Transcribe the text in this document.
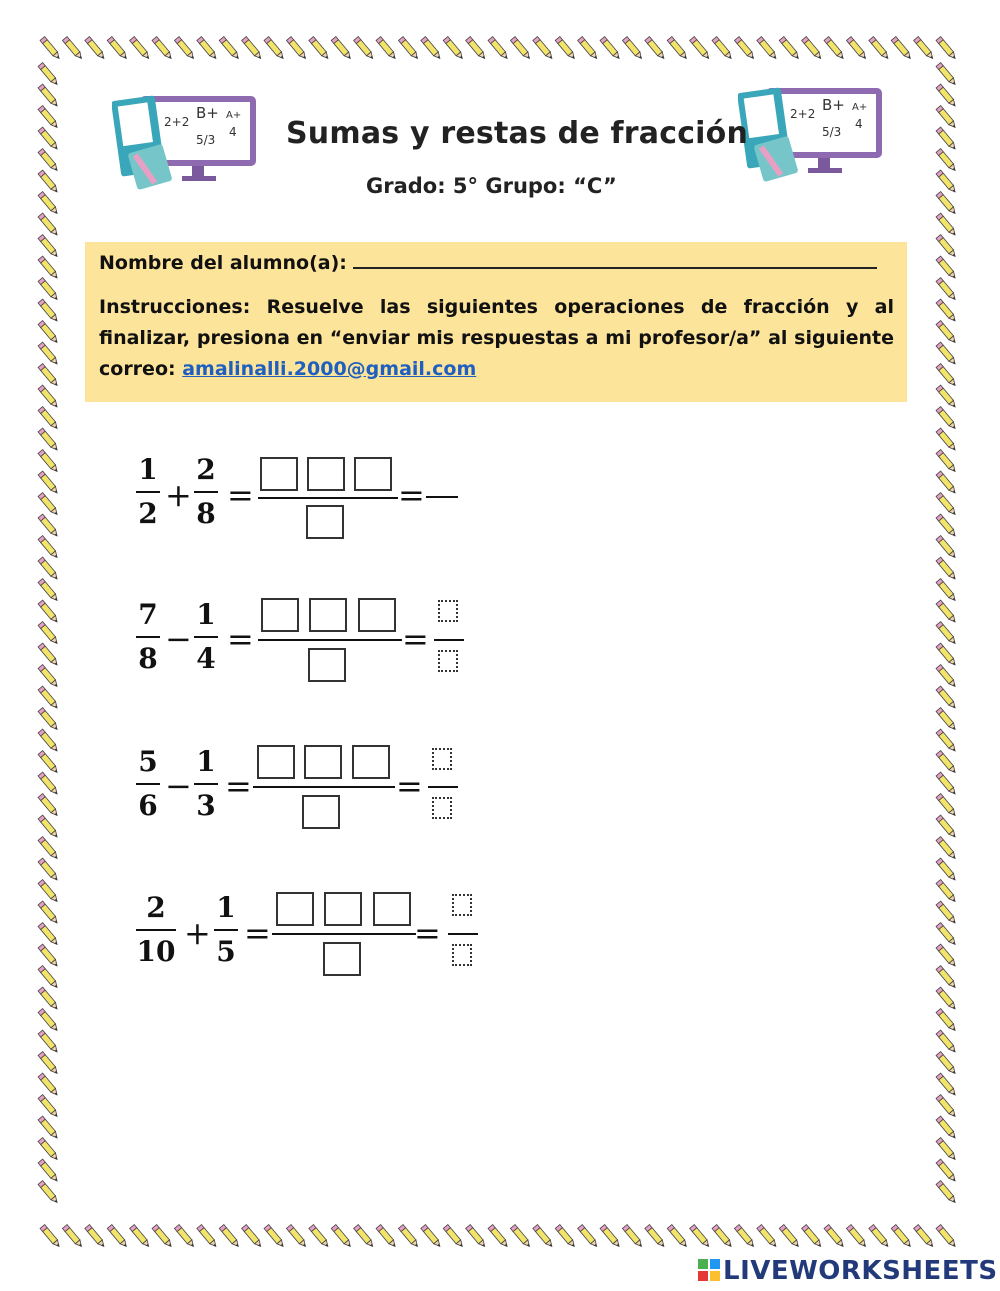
2+2 B+ A+
5/3
4
2+2 B+ A+
5/3
4
Sumas y restas de fracción
Grado: 5° Grupo: “C”
Nombre del alumno(a):
Instrucciones: Resuelve las siguientes operaciones de fracción y al finalizar, presiona en “enviar mis respuestas a mi profesor/a” al siguiente correo: amalinalli.2000@gmail.com
1
2 +
2
8 =	=
7
8
−
1
4
=	=
5
6
−
1
3
=	=
2
10 +
1
5 =	=
LIVEWORKSHEETS
